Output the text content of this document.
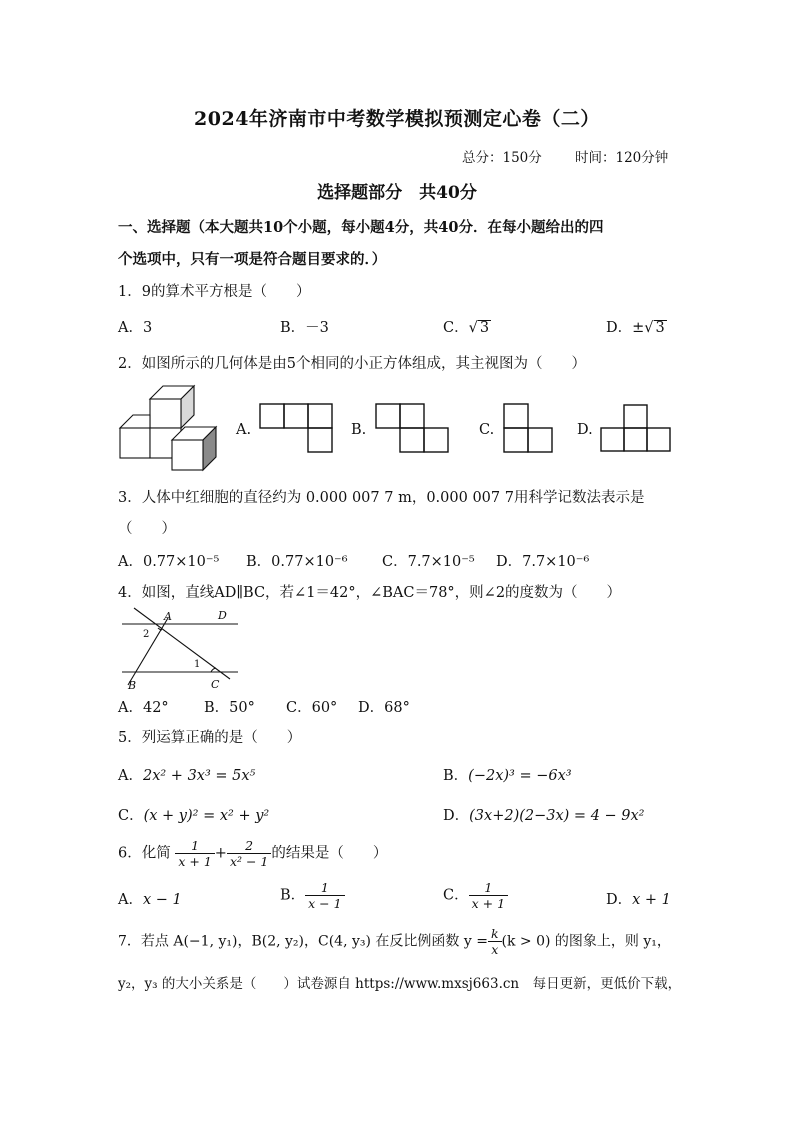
2024年济南市中考数学模拟预测定心卷（二）
总分：150分 时间：120分钟
选择题部分　共40分
一、选择题（本大题共10个小题，每小题4分，共40分．在每小题给出的四
个选项中，只有一项是符合题目要求的．）
1．9的算术平方根是（　　）
A．3	B．－3	C．√ 3	D．±√ 3
2．如图所示的几何体是由5个相同的小正方体组成，其主视图为（　　）
A.	B.	C.	D.
3．人体中红细胞的直径约为 0.000 007 7 m，0.000 007 7用科学记数法表示是
（　　）
A．0.77×10⁻⁵ B．0.77×10⁻⁶ C．7.7×10⁻⁵ D．7.7×10⁻⁶
4．如图，直线AD∥BC，若∠1＝42°，∠BAC＝78°，则∠2的度数为（　　）
A	D
B	C
1
2
A．42° B．50° C．60° D．68°
5．列运算正确的是（　　）
A．2x² + 3x³ = 5x⁵	B．(−2x)³ = −6x³
C．(x + y)² = x² + y²	D．(3x+2)(2−3x) = 4 − 9x²
6．化简 $\frac{1}{x + 1} + \frac{2}{\text{x² − 1}}$ 的结果是（　　）
A．x − 1	B． $\frac{1}{x - 1}$	C． $\frac{1}{x + 1}$	D．x + 1
7．若点 A(−1, y₁)，B(2, y₂)，C(4, y₃) 在反比例函数 $y = \frac{k}{x} (k > 0)$ 的图象上，则 y₁，
y₂，y₃ 的大小关系是（　　）试卷源自 https://www.mxsj663.cn　每日更新，更低价下载，
